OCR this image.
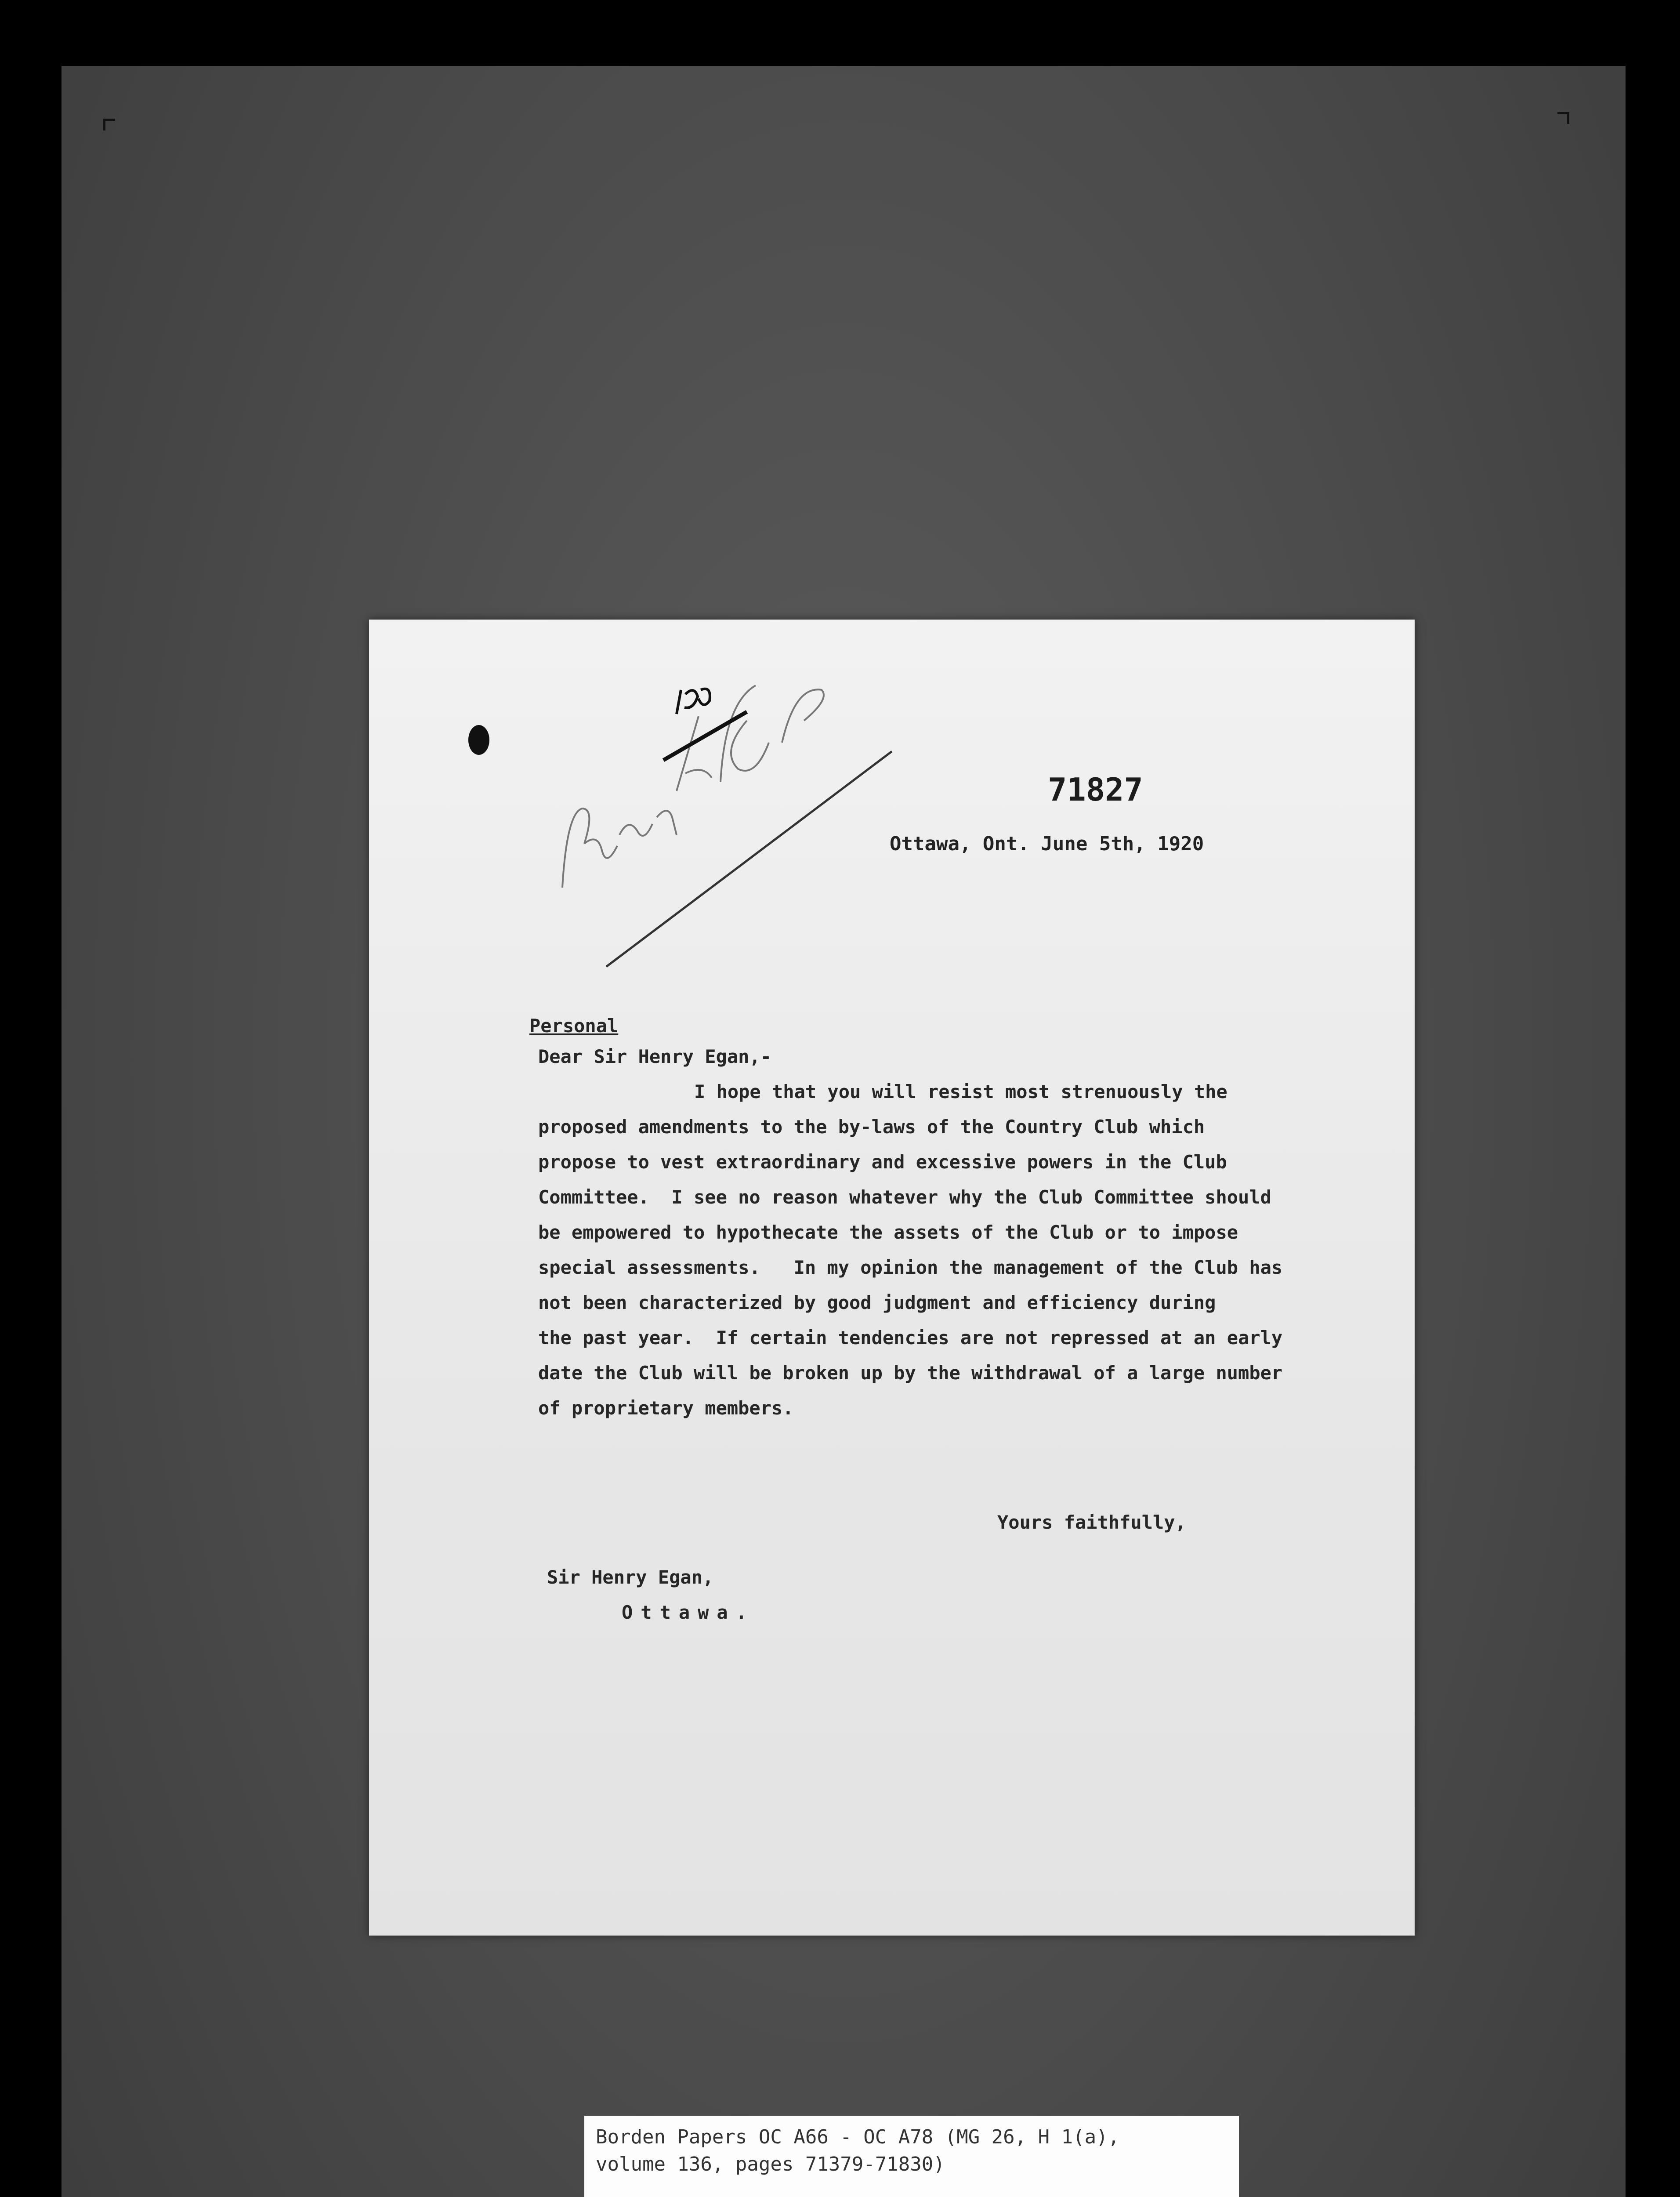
71827
Ottawa, Ont. June 5th, 1920
Personal
Dear Sir Henry Egan,-
I hope that you will resist most strenuously the
proposed amendments to the by-laws of the Country Club which
propose to vest extraordinary and excessive powers in the Club
Committee.  I see no reason whatever why the Club Committee should
be empowered to hypothecate the assets of the Club or to impose
special assessments.   In my opinion the management of the Club has
not been characterized by good judgment and efficiency during
the past year.  If certain tendencies are not repressed at an early
date the Club will be broken up by the withdrawal of a large number
of proprietary members.
Yours faithfully,
Sir Henry Egan,
Ottawa.
Borden Papers OC A66 - OC A78 (MG 26, H 1(a),
volume 136, pages 71379-71830)
